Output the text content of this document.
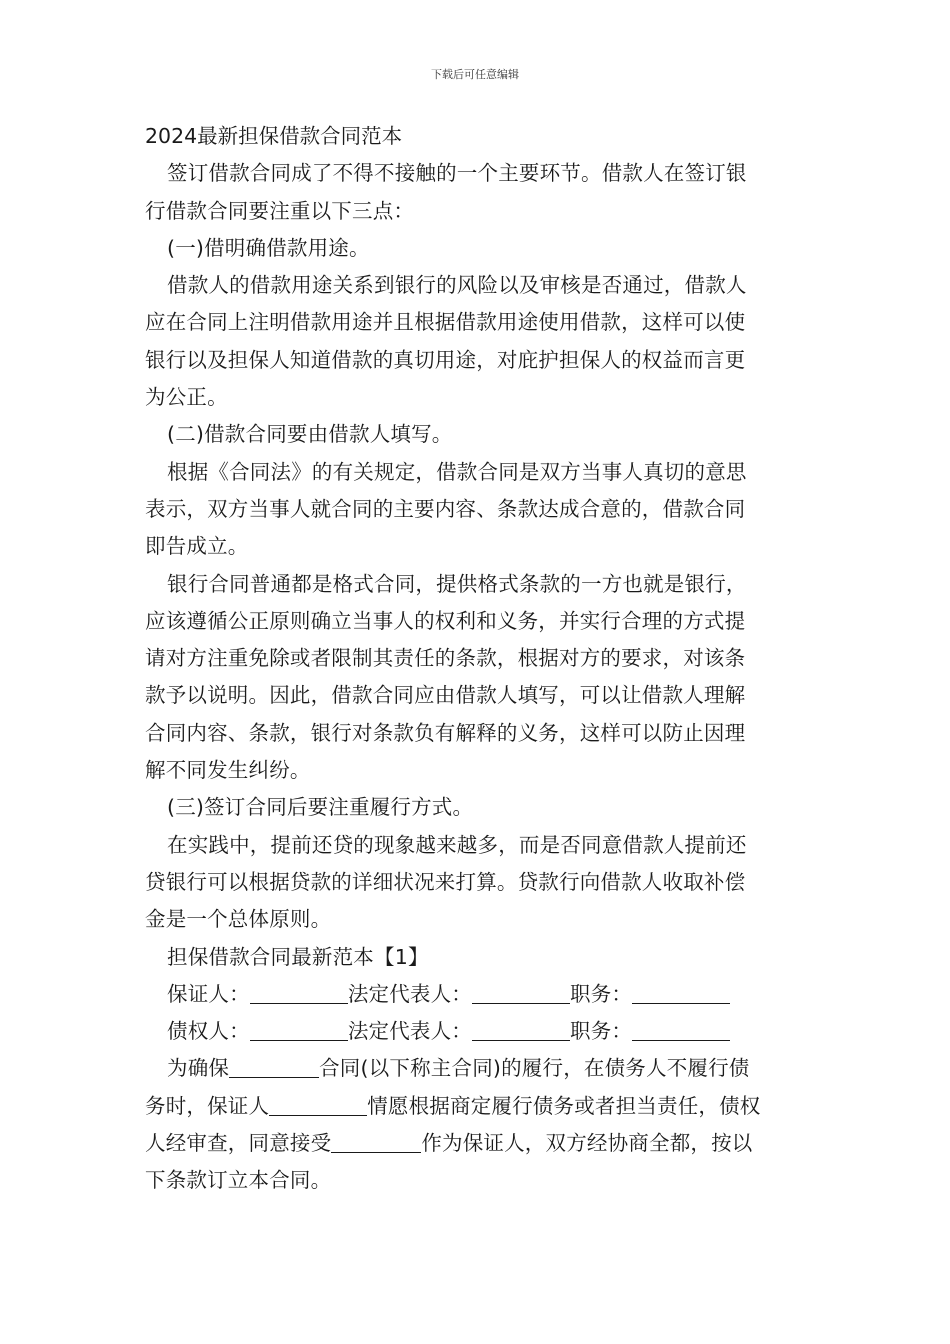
下载后可任意编辑
2024最新担保借款合同范本
签订借款合同成了不得不接触的一个主要环节。借款人在签订银
行借款合同要注重以下三点：
(一)借明确借款用途。
借款人的借款用途关系到银行的风险以及审核是否通过，借款人
应在合同上注明借款用途并且根据借款用途使用借款，这样可以使
银行以及担保人知道借款的真切用途，对庇护担保人的权益而言更
为公正。
(二)借款合同要由借款人填写。
根据《合同法》的有关规定，借款合同是双方当事人真切的意思
表示，双方当事人就合同的主要内容、条款达成合意的，借款合同
即告成立。
银行合同普通都是格式合同，提供格式条款的一方也就是银行，
应该遵循公正原则确立当事人的权利和义务，并实行合理的方式提
请对方注重免除或者限制其责任的条款，根据对方的要求，对该条
款予以说明。因此，借款合同应由借款人填写，可以让借款人理解
合同内容、条款，银行对条款负有解释的义务，这样可以防止因理
解不同发生纠纷。
(三)签订合同后要注重履行方式。
在实践中，提前还贷的现象越来越多，而是否同意借款人提前还
贷银行可以根据贷款的详细状况来打算。贷款行向借款人收取补偿
金是一个总体原则。
担保借款合同最新范本【1】
保证人：	法定代表人：	职务：
债权人：	法定代表人：	职务：
为确保	合同(以下称主合同)的履行，在债务人不履行债
务时，保证人	情愿根据商定履行债务或者担当责任，债权
人经审查，同意接受	作为保证人，双方经协商全都，按以
下条款订立本合同。
